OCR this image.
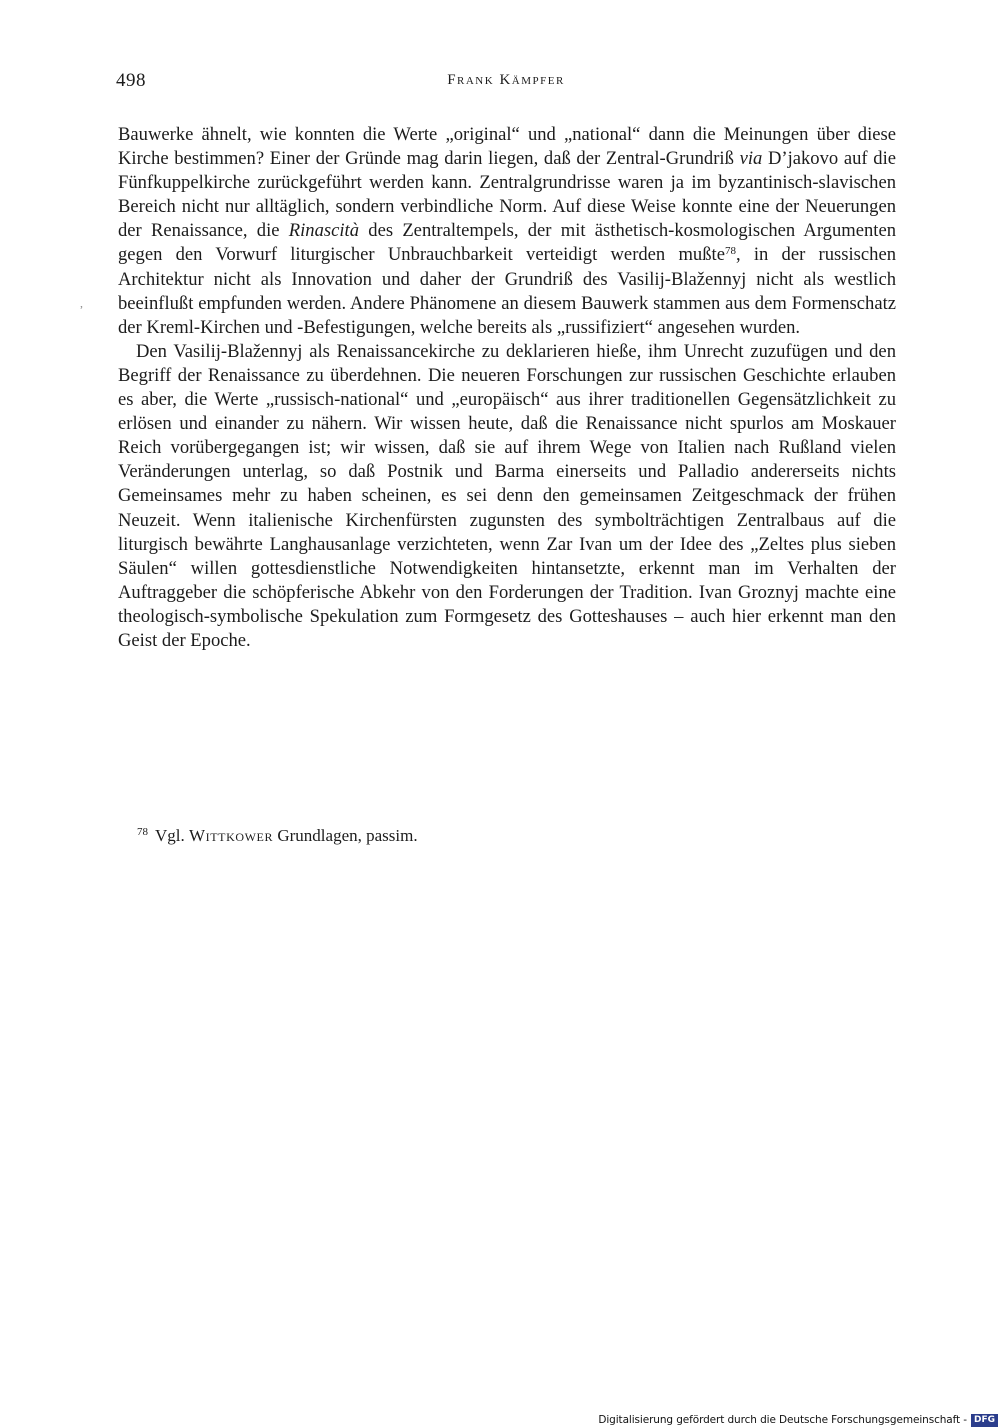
498	Frank Kämpfer
,

Bauwerke ähnelt, wie konnten die Werte „original“ und „national“ dann die Meinungen über diese Kirche bestimmen? Einer der Gründe mag darin liegen, daß der Zentral-Grundriß via D’jakovo auf die Fünfkuppelkirche zurückgeführt werden kann. Zentralgrundrisse waren ja im byzantinisch-slavischen Bereich nicht nur alltäglich, sondern verbindliche Norm. Auf diese Weise konnte eine der Neuerungen der Renaissance, die Rinascità des Zentraltempels, der mit ästhetisch-kosmologischen Argumenten gegen den Vorwurf liturgischer Unbrauchbarkeit verteidigt werden mußte$^{78}$, in der russischen Architektur nicht als Innovation und daher der Grundriß des Vasilij-Blažennyj nicht als westlich beeinflußt empfunden werden. Andere Phänomene an diesem Bauwerk stammen aus dem Formenschatz der Kreml-Kirchen und -Befestigungen, welche bereits als „russifiziert“ angesehen wurden.

Den Vasilij-Blažennyj als Renaissancekirche zu deklarieren hieße, ihm Unrecht zuzufügen und den Begriff der Renaissance zu überdehnen. Die neueren Forschungen zur russischen Geschichte erlauben es aber, die Werte „russisch-national“ und „europäisch“ aus ihrer traditionellen Gegensätzlichkeit zu erlösen und einander zu nähern. Wir wissen heute, daß die Renaissance nicht spurlos am Moskauer Reich vorübergegangen ist; wir wissen, daß sie auf ihrem Wege von Italien nach Rußland vielen Veränderungen unterlag, so daß Postnik und Barma einerseits und Palladio andererseits nichts Gemeinsames mehr zu haben scheinen, es sei denn den gemeinsamen Zeitgeschmack der frühen Neuzeit. Wenn italienische Kirchenfürsten zugunsten des symbolträchtigen Zentralbaus auf die liturgisch bewährte Langhausanlage verzichteten, wenn Zar Ivan um der Idee des „Zeltes plus sieben Säulen“ willen gottesdienstliche Notwendigkeiten hintansetzte, erkennt man im Verhalten der Auftraggeber die schöpferische Abkehr von den Forderungen der Tradition. Ivan Groznyj machte eine theologisch-symbolische Spekulation zum Formgesetz des Gotteshauses – auch hier erkennt man den Geist der Epoche.

$^{78}$ Vgl. Wittkower Grundlagen, passim.
Digitalisierung gefördert durch die Deutsche Forschungsgemeinschaft - DFG
